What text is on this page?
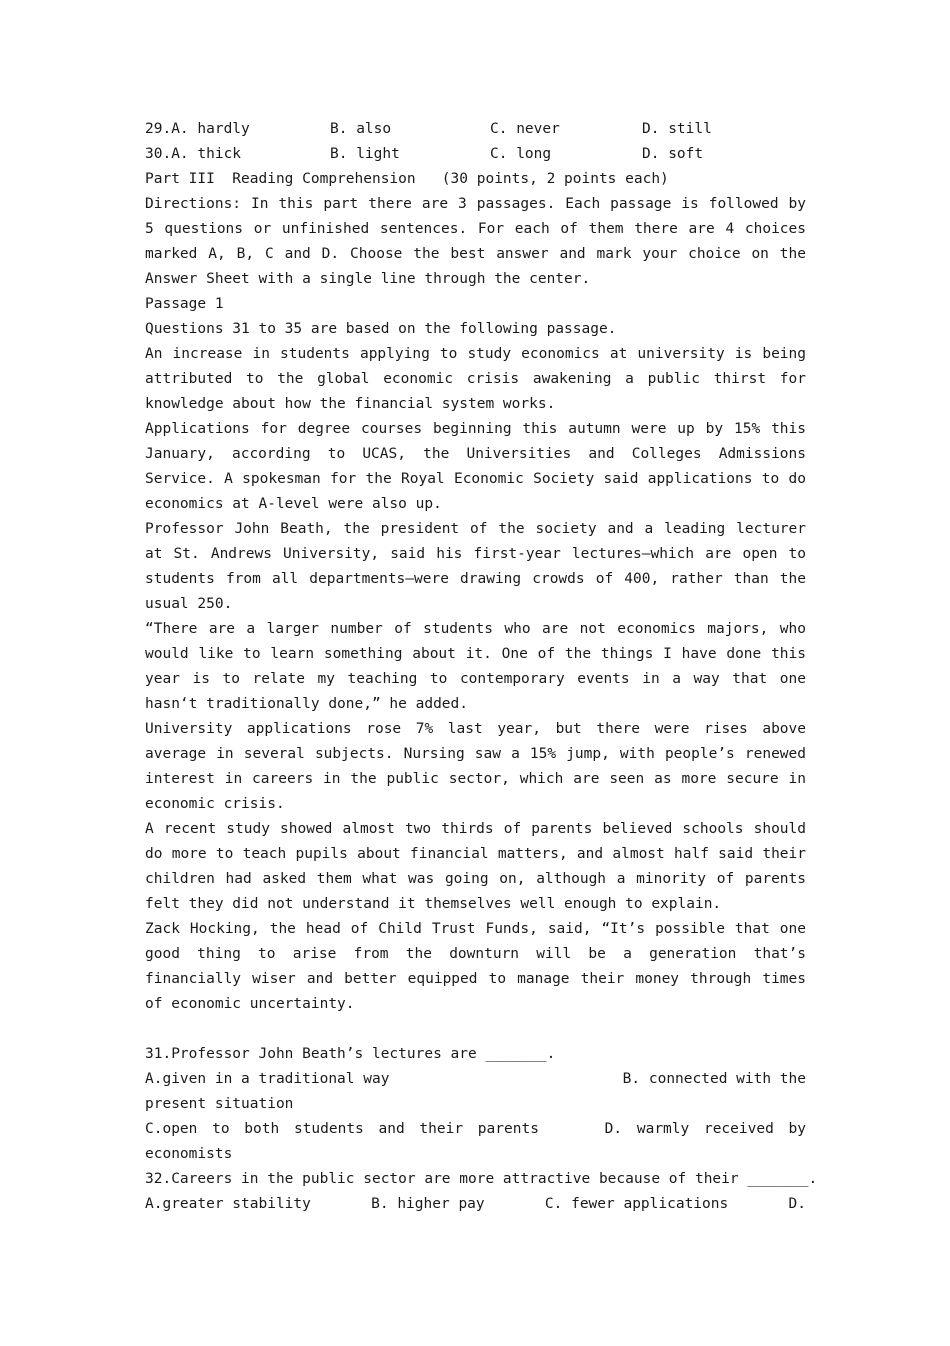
29.A. hardly	B. also	C. never	D. still
30.A. thick	B. light	C. long	D. soft
Part III  Reading Comprehension   (30 points, 2 points each)
Directions: In this part there are 3 passages. Each passage is followed by 5 questions or unfinished sentences. For each of them there are 4 choices marked A, B, C and D. Choose the best answer and mark your choice on the Answer Sheet with a single line through the center.
Passage 1
Questions 31 to 35 are based on the following passage.
An increase in students applying to study economics at university is being attributed to the global economic crisis awakening a public thirst for knowledge about how the financial system works.
Applications for degree courses beginning this autumn were up by 15% this January, according to UCAS, the Universities and Colleges Admissions Service. A spokesman for the Royal Economic Society said applications to do economics at A-level were also up.
Professor John Beath, the president of the society and a leading lecturer at St. Andrews University, said his first-year lectures—which are open to students from all departments—were drawing crowds of 400, rather than the usual 250.
“There are a larger number of students who are not economics majors, who would like to learn something about it. One of the things I have done this year is to relate my teaching to contemporary events in a way that one hasn‘t traditionally done,” he added.
University applications rose 7% last year, but there were rises above average in several subjects. Nursing saw a 15% jump, with people’s renewed interest in careers in the public sector, which are seen as more secure in economic crisis.
A recent study showed almost two thirds of parents believed schools should do more to teach pupils about financial matters, and almost half said their children had asked them what was going on, although a minority of parents felt they did not understand it themselves well enough to explain.
Zack Hocking, the head of Child Trust Funds, said, “It’s possible that one good thing to arise from the downturn will be a generation that’s financially wiser and better equipped to manage their money through times of economic uncertainty.
31.Professor John Beath’s lectures are _______.
A.given in a traditional way	B. connected with the
present situation
C.open to both students and their parents	D. warmly received by
economists
32.Careers in the public sector are more attractive because of their _______.
A.greater stability	B. higher pay	C. fewer applications	D.
